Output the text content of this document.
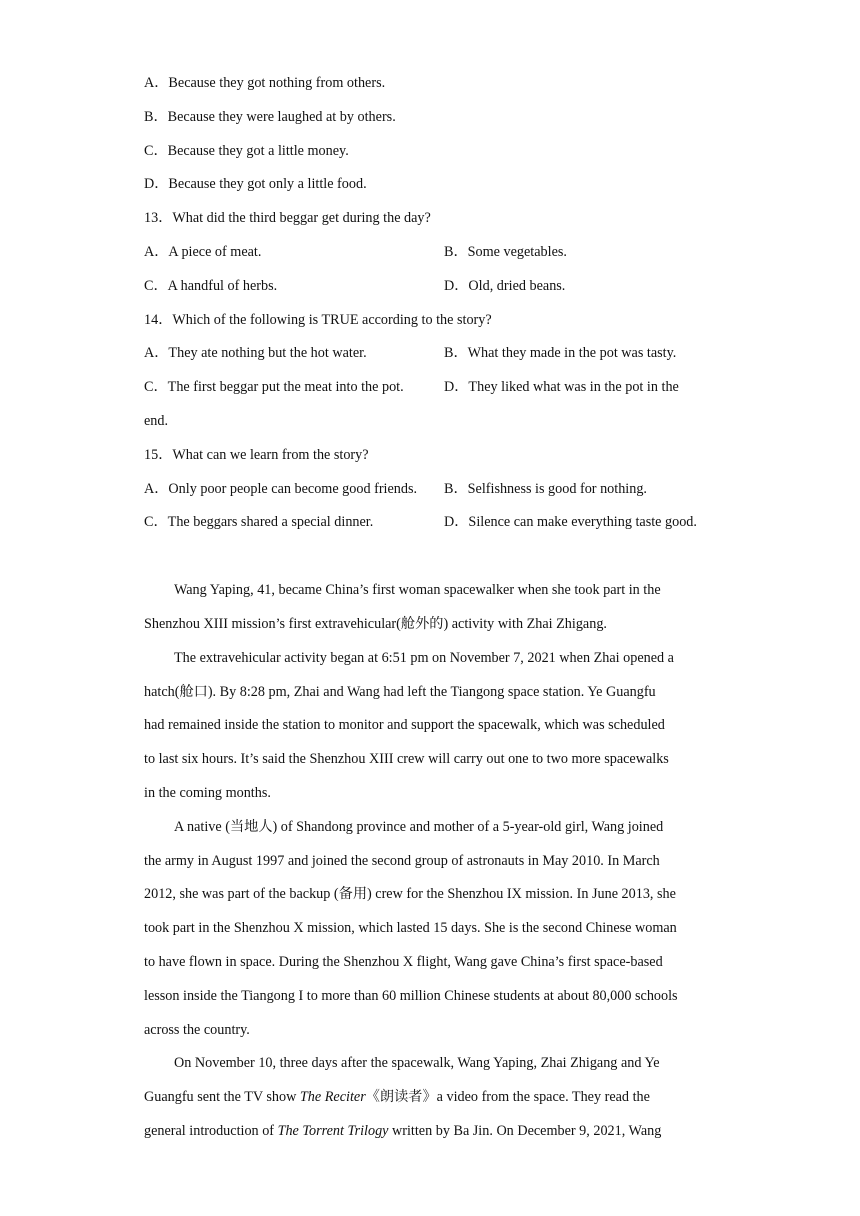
A．Because they got nothing from others.
B．Because they were laughed at by others.
C．Because they got a little money.
D．Because they got only a little food.
13．What did the third beggar get during the day?
A．A piece of meat.	B．Some vegetables.
C．A handful of herbs.	D．Old, dried beans.
14．Which of the following is TRUE according to the story?
A．They ate nothing but the hot water.	B．What they made in the pot was tasty.
C．The first beggar put the meat into the pot.	D．They liked what was in the pot in the
end.
15．What can we learn from the story?
A．Only poor people can become good friends.	B．Selfishness is good for nothing.
C．The beggars shared a special dinner.	D．Silence can make everything taste good.
Wang Yaping, 41, became China’s first woman spacewalker when she took part in the
Shenzhou XIII mission’s first extravehicular(舱外的) activity with Zhai Zhigang.
The extravehicular activity began at 6:51 pm on November 7, 2021 when Zhai opened a
hatch(舱口). By 8:28 pm, Zhai and Wang had left the Tiangong space station. Ye Guangfu
had remained inside the station to monitor and support the spacewalk, which was scheduled
to last six hours. It’s said the Shenzhou XIII crew will carry out one to two more spacewalks
in the coming months.
A native (当地人) of Shandong province and mother of a 5-year-old girl, Wang joined
the army in August 1997 and joined the second group of astronauts in May 2010. In March
2012, she was part of the backup (备用) crew for the Shenzhou IX mission. In June 2013, she
took part in the Shenzhou X mission, which lasted 15 days. She is the second Chinese woman
to have flown in space. During the Shenzhou X flight, Wang gave China’s first space-based
lesson inside the Tiangong I to more than 60 million Chinese students at about 80,000 schools
across the country.
On November 10, three days after the spacewalk, Wang Yaping, Zhai Zhigang and Ye
Guangfu sent the TV show The Reciter《朗读者》a video from the space. They read the
general introduction of The Torrent Trilogy written by Ba Jin. On December 9, 2021, Wang
